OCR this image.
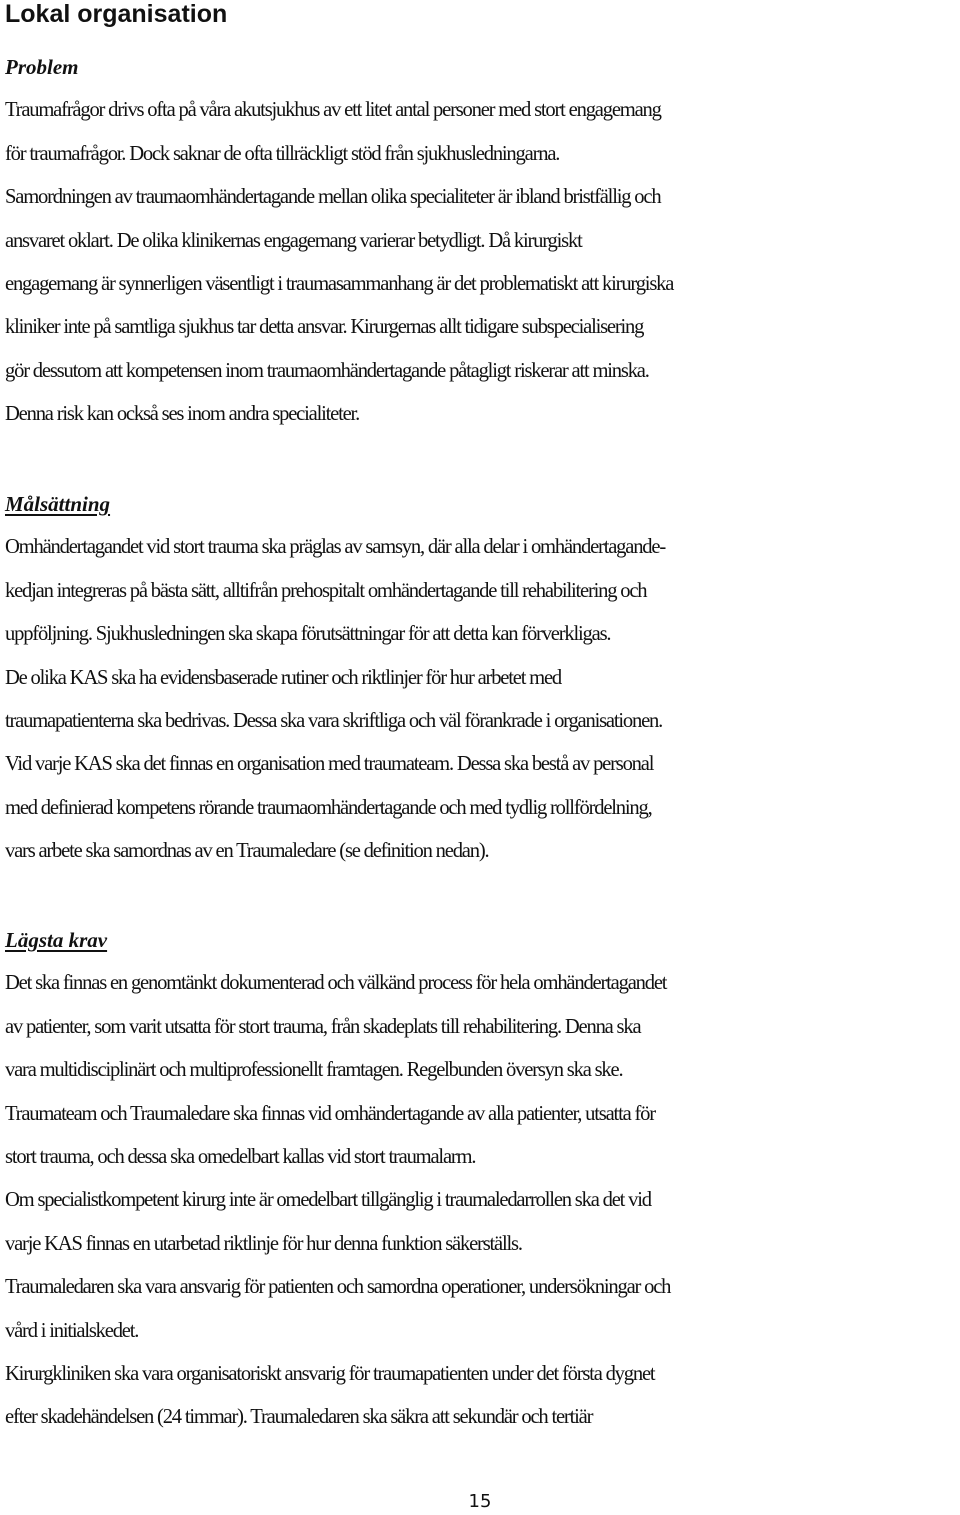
Lokal organisation

Problem

Traumafrågor drivs ofta på våra akutsjukhus av ett litet antal personer med stort engagemang

för traumafrågor. Dock saknar de ofta tillräckligt stöd från sjukhusledningarna.

Samordningen av traumaomhändertagande mellan olika specialiteter är ibland bristfällig och

ansvaret oklart. De olika klinikernas engagemang varierar betydligt. Då kirurgiskt

engagemang är synnerligen väsentligt i traumasammanhang är det problematiskt att kirurgiska

kliniker inte på samtliga sjukhus tar detta ansvar. Kirurgernas allt tidigare subspecialisering

gör dessutom att kompetensen inom traumaomhändertagande påtagligt riskerar att minska.

Denna risk kan också ses inom andra specialiteter.

Målsättning

Omhändertagandet vid stort trauma ska präglas av samsyn, där alla delar i omhändertagande-

kedjan integreras på bästa sätt, alltifrån prehospitalt omhändertagande till rehabilitering och

uppföljning. Sjukhusledningen ska skapa förutsättningar för att detta kan förverkligas.

De olika KAS ska ha evidensbaserade rutiner och riktlinjer för hur arbetet med

traumapatienterna ska bedrivas. Dessa ska vara skriftliga och väl förankrade i organisationen.

Vid varje KAS ska det finnas en organisation med traumateam. Dessa ska bestå av personal

med definierad kompetens rörande traumaomhändertagande och med tydlig rollfördelning,

vars arbete ska samordnas av en Traumaledare (se definition nedan).

Lägsta krav

Det ska finnas en genomtänkt dokumenterad och välkänd process för hela omhändertagandet

av patienter, som varit utsatta för stort trauma, från skadeplats till rehabilitering. Denna ska

vara multidisciplinärt och multiprofessionellt framtagen. Regelbunden översyn ska ske.

Traumateam och Traumaledare ska finnas vid omhändertagande av alla patienter, utsatta för

stort trauma, och dessa ska omedelbart kallas vid stort traumalarm.

Om specialistkompetent kirurg inte är omedelbart tillgänglig i traumaledarrollen ska det vid

varje KAS finnas en utarbetad riktlinje för hur denna funktion säkerställs.

Traumaledaren ska vara ansvarig för patienten och samordna operationer, undersökningar och

vård i initialskedet.

Kirurgkliniken ska vara organisatoriskt ansvarig för traumapatienten under det första dygnet

efter skadehändelsen (24 timmar). Traumaledaren ska säkra att sekundär och tertiär

15
